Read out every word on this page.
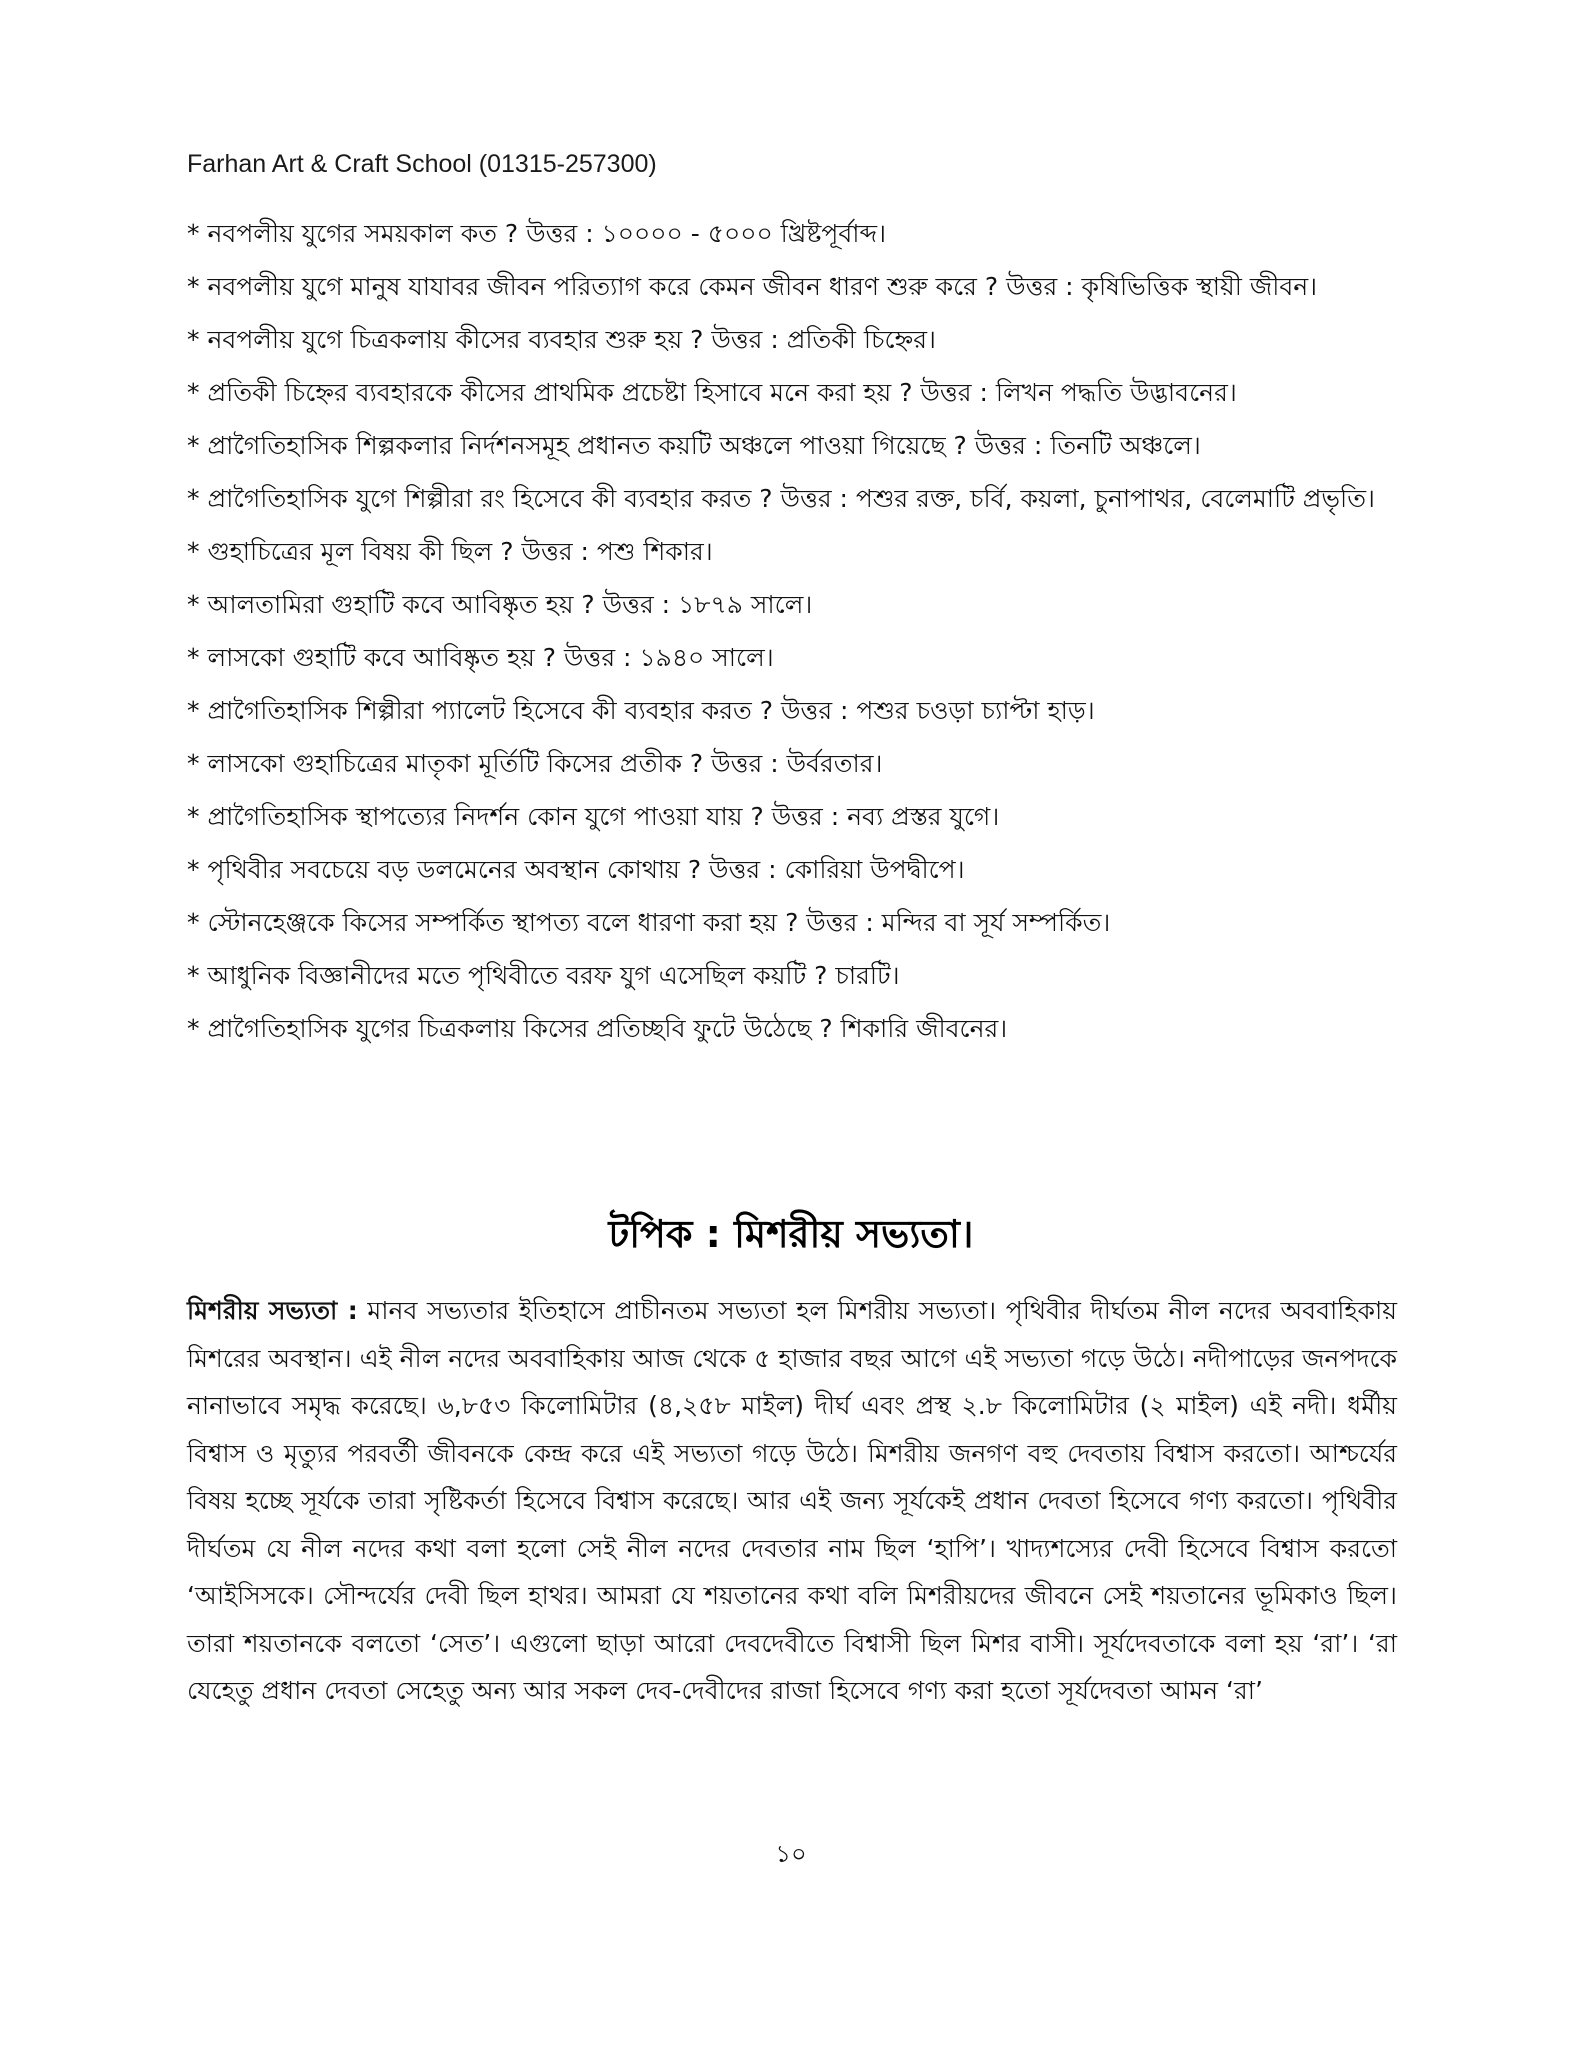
Farhan Art & Craft School (01315-257300)
* নবপলীয় যুগের সময়কাল কত ? উত্তর : ১০০০০ - ৫০০০ খ্রিষ্টপূর্বাব্দ।
* নবপলীয় যুগে মানুষ যাযাবর জীবন পরিত্যাগ করে কেমন জীবন ধারণ শুরু করে ? উত্তর : কৃষিভিত্তিক স্থায়ী জীবন।
* নবপলীয় যুগে চিত্রকলায় কীসের ব্যবহার শুরু হয় ? উত্তর : প্রতিকী চিহ্নের।
* প্রতিকী চিহ্নের ব্যবহারকে কীসের প্রাথমিক প্রচেষ্টা হিসাবে মনে করা হয় ? উত্তর : লিখন পদ্ধতি উদ্ভাবনের।
* প্রাগৈতিহাসিক শিল্পকলার নির্দশনসমূহ প্রধানত কয়টি অঞ্চলে পাওয়া গিয়েছে ? উত্তর : তিনটি অঞ্চলে।
* প্রাগৈতিহাসিক যুগে শিল্পীরা রং হিসেবে কী ব্যবহার করত ? উত্তর : পশুর রক্ত, চর্বি, কয়লা, চুনাপাথর, বেলেমাটি প্রভৃতি।
* গুহাচিত্রের মূল বিষয় কী ছিল ? উত্তর : পশু শিকার।
* আলতামিরা গুহাটি কবে আবিষ্কৃত হয় ? উত্তর : ১৮৭৯ সালে।
* লাসকো গুহাটি কবে আবিষ্কৃত হয় ? উত্তর : ১৯৪০ সালে।
* প্রাগৈতিহাসিক শিল্পীরা প্যালেট হিসেবে কী ব্যবহার করত ? উত্তর : পশুর চওড়া চ্যাপ্টা হাড়।
* লাসকো গুহাচিত্রের মাতৃকা মূর্তিটি কিসের প্রতীক ? উত্তর : উর্বরতার।
* প্রাগৈতিহাসিক স্থাপত্যের নিদর্শন কোন যুগে পাওয়া যায় ? উত্তর : নব্য প্রস্তর যুগে।
* পৃথিবীর সবচেয়ে বড় ডলমেনের অবস্থান কোথায় ? উত্তর : কোরিয়া উপদ্বীপে।
* স্টোনহেঞ্জকে কিসের সম্পর্কিত স্থাপত্য বলে ধারণা করা হয় ? উত্তর : মন্দির বা সূর্য সম্পর্কিত।
* আধুনিক বিজ্ঞানীদের মতে পৃথিবীতে বরফ যুগ এসেছিল কয়টি ? চারটি।
* প্রাগৈতিহাসিক যুগের চিত্রকলায় কিসের প্রতিচ্ছবি ফুটে উঠেছে ? শিকারি জীবনের।
টপিক : মিশরীয় সভ্যতা।

মিশরীয় সভ্যতা : মানব সভ্যতার ইতিহাসে প্রাচীনতম সভ্যতা হল মিশরীয় সভ্যতা। পৃথিবীর দীর্ঘতম নীল নদের অববাহিকায় মিশরের অবস্থান। এই নীল নদের অববাহিকায় আজ থেকে ৫ হাজার বছর আগে এই সভ্যতা গড়ে উঠে। নদীপাড়ের জনপদকে নানাভাবে সমৃদ্ধ করেছে। ৬,৮৫৩ কিলোমিটার (৪,২৫৮ মাইল) দীর্ঘ এবং প্রস্থ ২.৮ কিলোমিটার (২ মাইল) এই নদী। ধর্মীয় বিশ্বাস ও মৃত্যুর পরবর্তী জীবনকে কেন্দ্র করে এই সভ্যতা গড়ে উঠে। মিশরীয় জনগণ বহু দেবতায় বিশ্বাস করতো। আশ্চর্যের বিষয় হচ্ছে সূর্যকে তারা সৃষ্টিকর্তা হিসেবে বিশ্বাস করেছে। আর এই জন্য সূর্যকেই প্রধান দেবতা হিসেবে গণ্য করতো। পৃথিবীর দীর্ঘতম যে নীল নদের কথা বলা হলো সেই নীল নদের দেবতার নাম ছিল ‘হাপি’। খাদ্যশস্যের দেবী হিসেবে বিশ্বাস করতো ‘আইসিসকে। সৌন্দর্যের দেবী ছিল হাথর। আমরা যে শয়তানের কথা বলি মিশরীয়দের জীবনে সেই শয়তানের ভূমিকাও ছিল। তারা শয়তানকে বলতো ‘সেত’। এগুলো ছাড়া আরো দেবদেবীতে বিশ্বাসী ছিল মিশর বাসী। সূর্যদেবতাকে বলা হয় ‘রা’। ‘রা যেহেতু প্রধান দেবতা সেহেতু অন্য আর সকল দেব-দেবীদের রাজা হিসেবে গণ্য করা হতো সূর্যদেবতা আমন ‘রা’

১০
